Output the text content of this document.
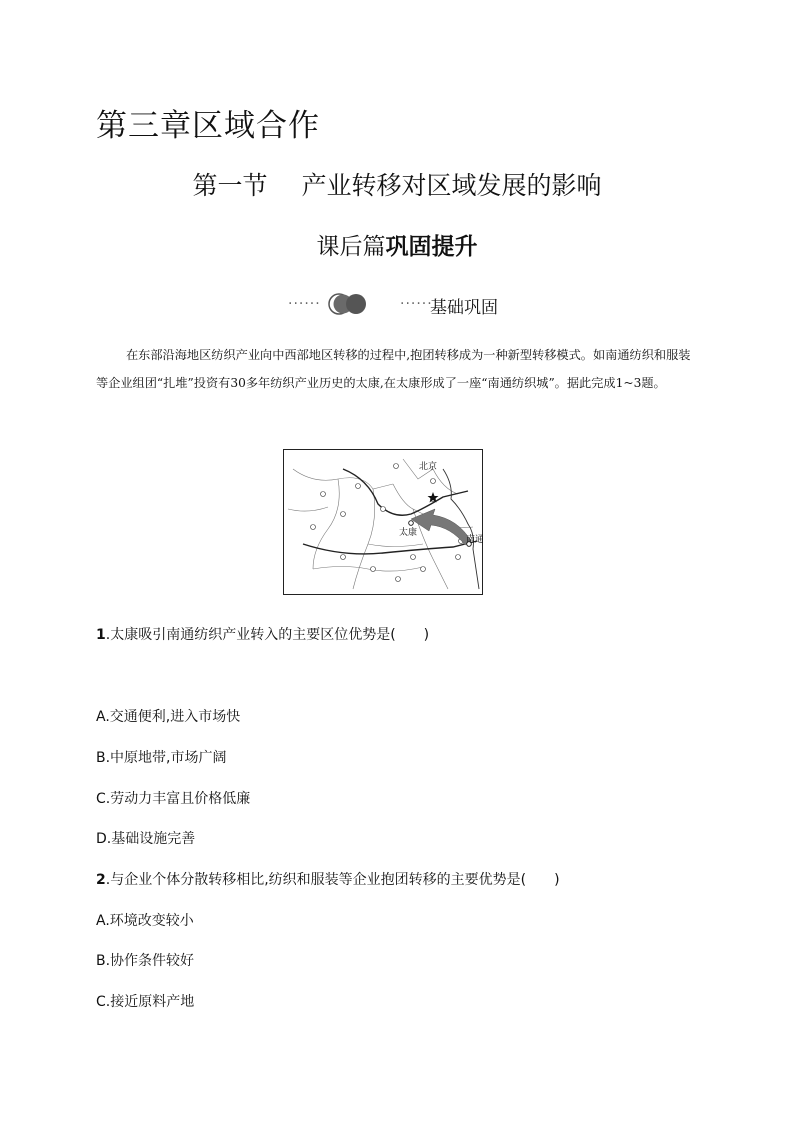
第三章区域合作
第一节 产业转移对区域发展的影响
课后篇巩固提升
······	······
基础巩固
在东部沿海地区纺织产业向中西部地区转移的过程中,抱团转移成为一种新型转移模式。如南通纺织和服装等企业组团“扎堆”投资有30多年纺织产业历史的太康,在太康形成了一座“南通纺织城”。据此完成1~3题。
北京
太康
南通
1.太康吸引南通纺织产业转入的主要区位优势是(　　)
A.交通便利,进入市场快
B.中原地带,市场广阔
C.劳动力丰富且价格低廉
D.基础设施完善
2.与企业个体分散转移相比,纺织和服装等企业抱团转移的主要优势是(　　)
A.环境改变较小
B.协作条件较好
C.接近原料产地
